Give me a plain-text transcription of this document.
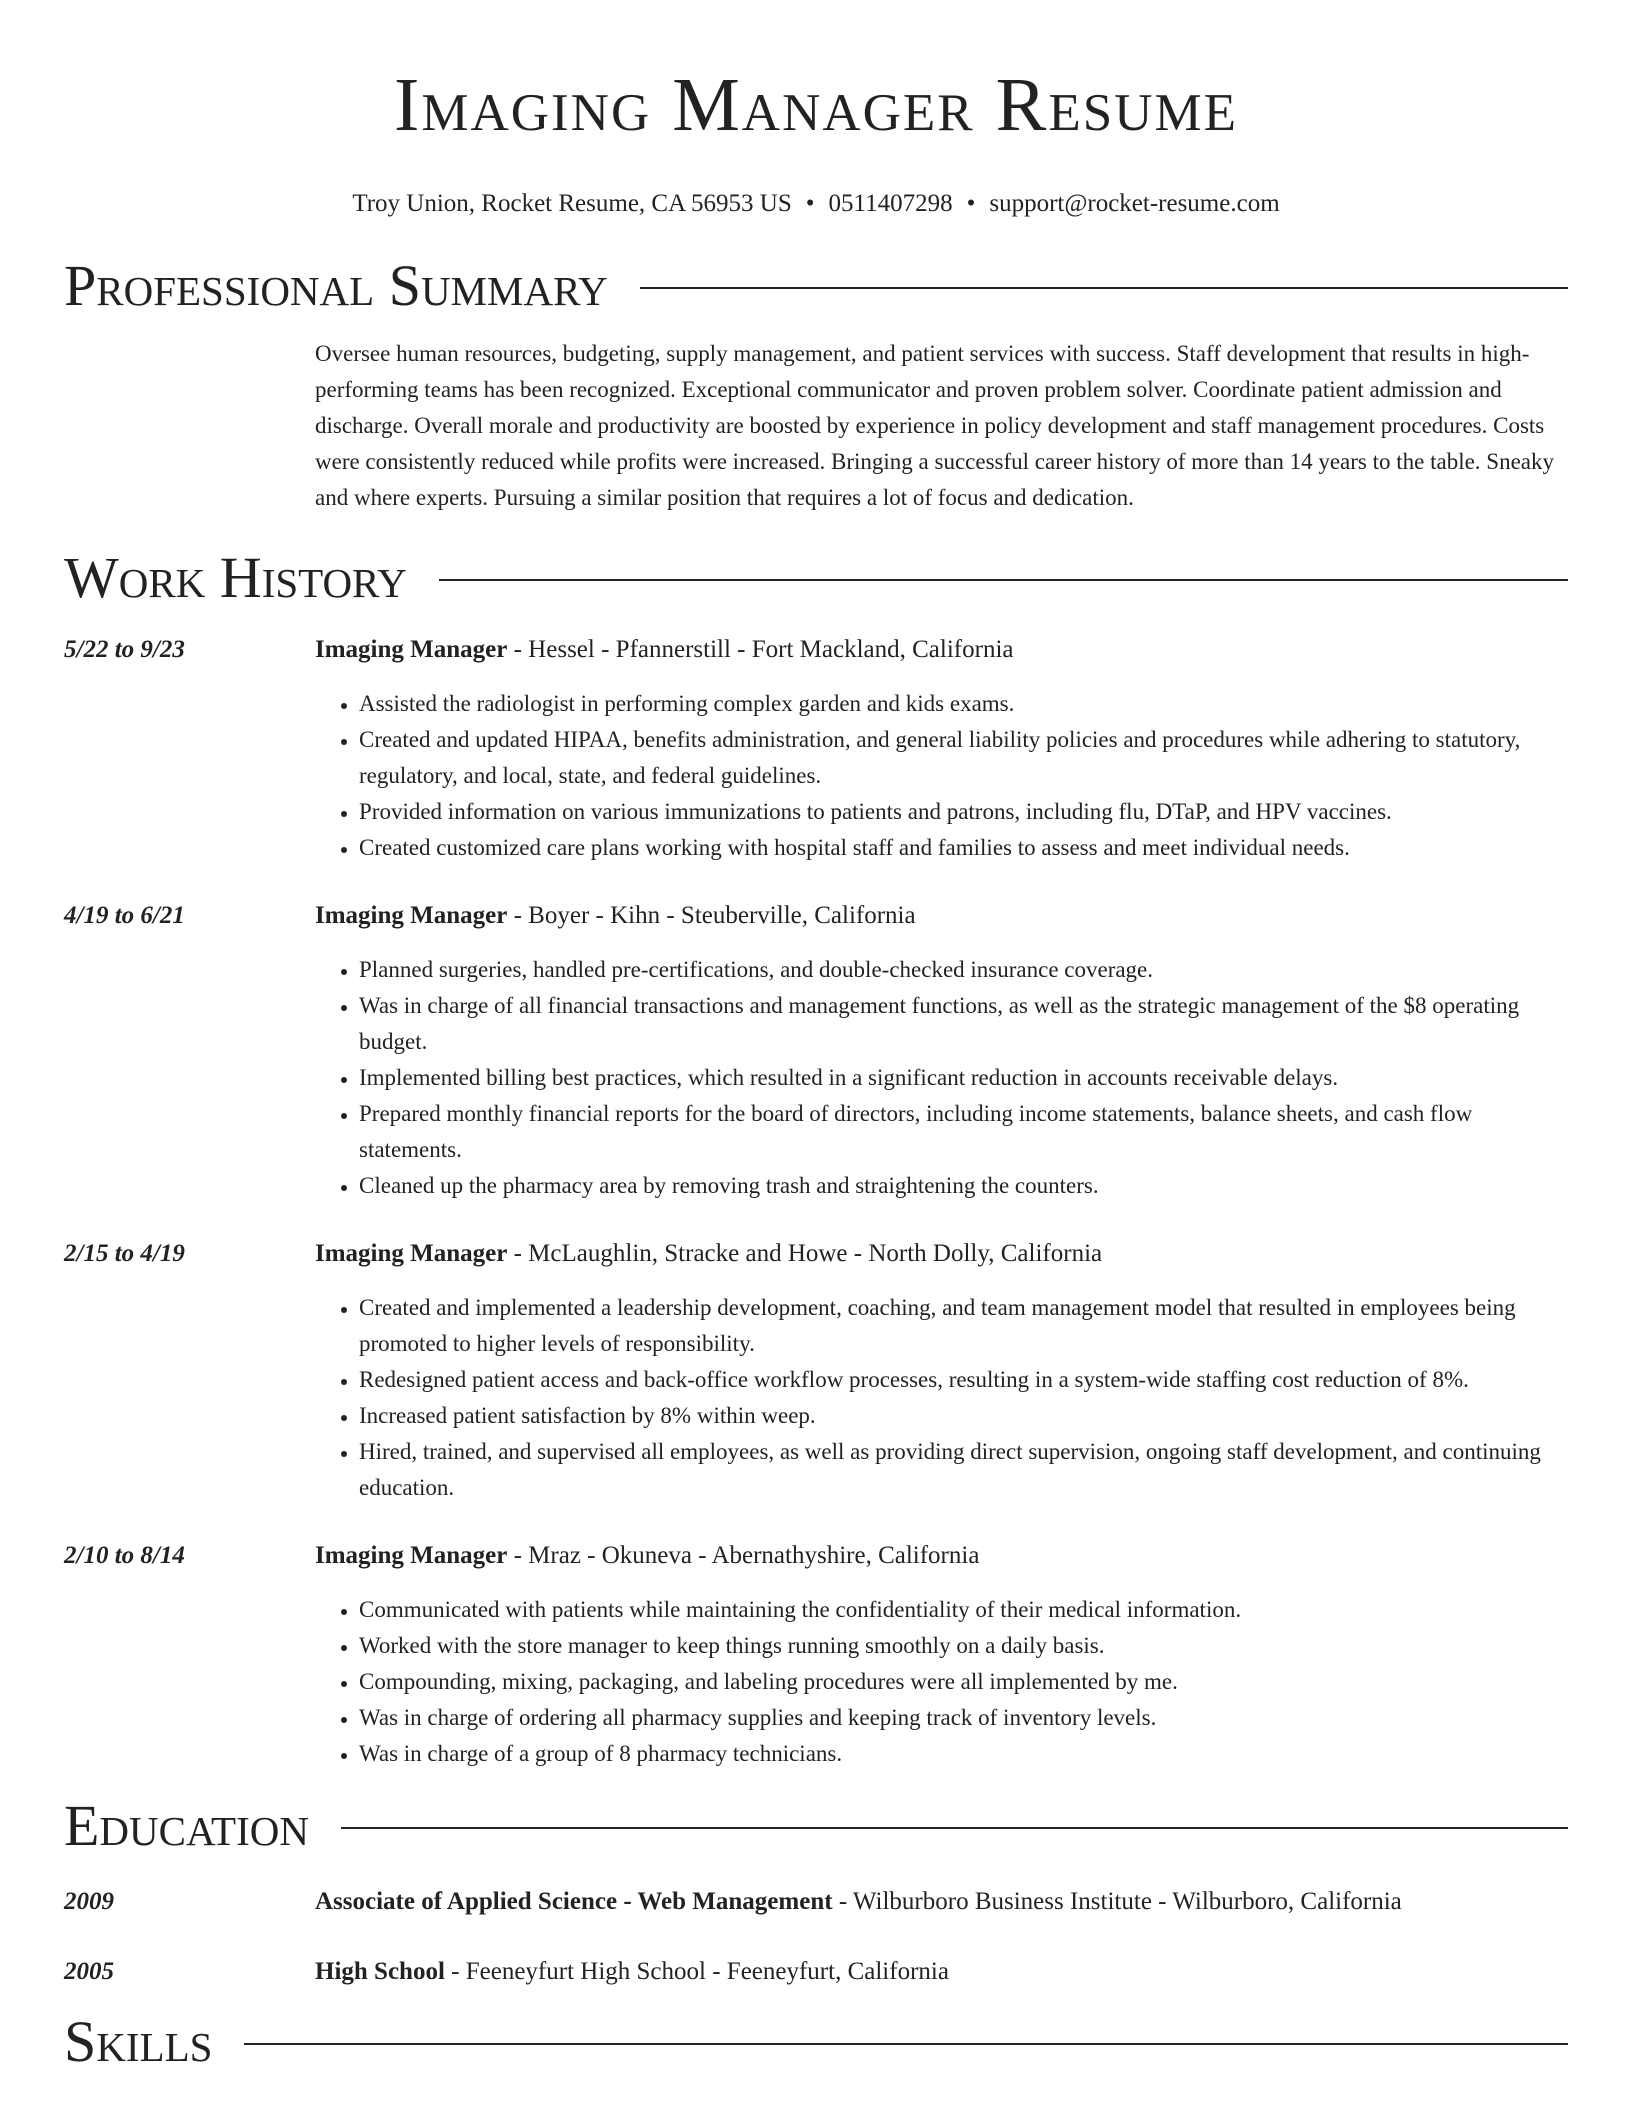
Imaging Manager Resume
Troy Union, Rocket Resume, CA 56953 US • 0511407298 • support@rocket-resume.com
Professional Summary
Oversee human resources, budgeting, supply management, and patient services with success. Staff development that results in high-performing teams has been recognized. Exceptional communicator and proven problem solver. Coordinate patient admission and discharge. Overall morale and productivity are boosted by experience in policy development and staff management procedures. Costs were consistently reduced while profits were increased. Bringing a successful career history of more than 14 years to the table. Sneaky and where experts. Pursuing a similar position that requires a lot of focus and dedication.
Work History
5/22 to 9/23	Imaging Manager - Hessel - Pfannerstill - Fort Mackland, California
• Assisted the radiologist in performing complex garden and kids exams.
• Created and updated HIPAA, benefits administration, and general liability policies and procedures while adhering to statutory, regulatory, and local, state, and federal guidelines.
• Provided information on various immunizations to patients and patrons, including flu, DTaP, and HPV vaccines.
• Created customized care plans working with hospital staff and families to assess and meet individual needs.
4/19 to 6/21	Imaging Manager - Boyer - Kihn - Steuberville, California
• Planned surgeries, handled pre-certifications, and double-checked insurance coverage.
• Was in charge of all financial transactions and management functions, as well as the strategic management of the $8 operating budget.
• Implemented billing best practices, which resulted in a significant reduction in accounts receivable delays.
• Prepared monthly financial reports for the board of directors, including income statements, balance sheets, and cash flow statements.
• Cleaned up the pharmacy area by removing trash and straightening the counters.
2/15 to 4/19	Imaging Manager - McLaughlin, Stracke and Howe - North Dolly, California
• Created and implemented a leadership development, coaching, and team management model that resulted in employees being promoted to higher levels of responsibility.
• Redesigned patient access and back-office workflow processes, resulting in a system-wide staffing cost reduction of 8%.
• Increased patient satisfaction by 8% within weep.
• Hired, trained, and supervised all employees, as well as providing direct supervision, ongoing staff development, and continuing education.
2/10 to 8/14	Imaging Manager - Mraz - Okuneva - Abernathyshire, California
• Communicated with patients while maintaining the confidentiality of their medical information.
• Worked with the store manager to keep things running smoothly on a daily basis.
• Compounding, mixing, packaging, and labeling procedures were all implemented by me.
• Was in charge of ordering all pharmacy supplies and keeping track of inventory levels.
• Was in charge of a group of 8 pharmacy technicians.
Education
2009	Associate of Applied Science - Web Management - Wilburboro Business Institute - Wilburboro, California
2005	High School - Feeneyfurt High School - Feeneyfurt, California
Skills
